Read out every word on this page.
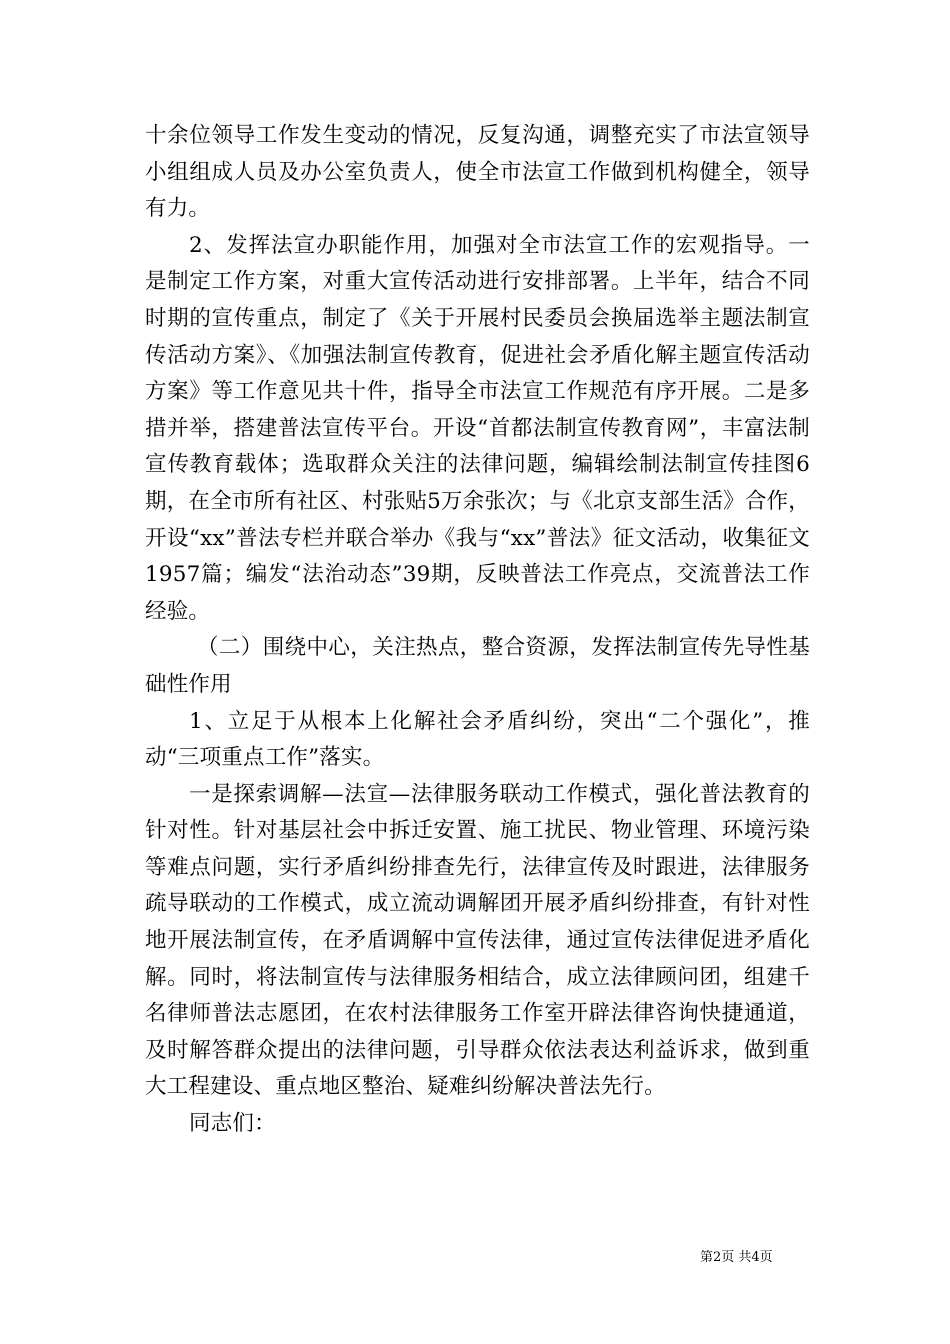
十余位领导工作发生变动的情况，反复沟通，调整充实了市法宣领导小组组成人员及办公室负责人，使全市法宣工作做到机构健全，领导有力。

2、发挥法宣办职能作用，加强对全市法宣工作的宏观指导。一是制定工作方案，对重大宣传活动进行安排部署。上半年，结合不同时期的宣传重点，制定了《关于开展村民委员会换届选举主题法制宣传活动方案》、《加强法制宣传教育，促进社会矛盾化解主题宣传活动方案》等工作意见共十件，指导全市法宣工作规范有序开展。二是多措并举，搭建普法宣传平台。开设“首都法制宣传教育网”，丰富法制宣传教育载体；选取群众关注的法律问题，编辑绘制法制宣传挂图6期，在全市所有社区、村张贴5万余张次；与《北京支部生活》合作，开设“xx”普法专栏并联合举办《我与“xx”普法》征文活动，收集征文1957篇；编发“法治动态”39期，反映普法工作亮点，交流普法工作经验。

（二）围绕中心，关注热点，整合资源，发挥法制宣传先导性基础性作用

1、立足于从根本上化解社会矛盾纠纷，突出“二个强化”，推动“三项重点工作”落实。

一是探索调解—法宣—法律服务联动工作模式，强化普法教育的针对性。针对基层社会中拆迁安置、施工扰民、物业管理、环境污染等难点问题，实行矛盾纠纷排查先行，法律宣传及时跟进，法律服务疏导联动的工作模式，成立流动调解团开展矛盾纠纷排查，有针对性地开展法制宣传，在矛盾调解中宣传法律，通过宣传法律促进矛盾化解。同时，将法制宣传与法律服务相结合，成立法律顾问团，组建千名律师普法志愿团，在农村法律服务工作室开辟法律咨询快捷通道，及时解答群众提出的法律问题，引导群众依法表达利益诉求，做到重大工程建设、重点地区整治、疑难纠纷解决普法先行。

同志们：

第2页 共4页
